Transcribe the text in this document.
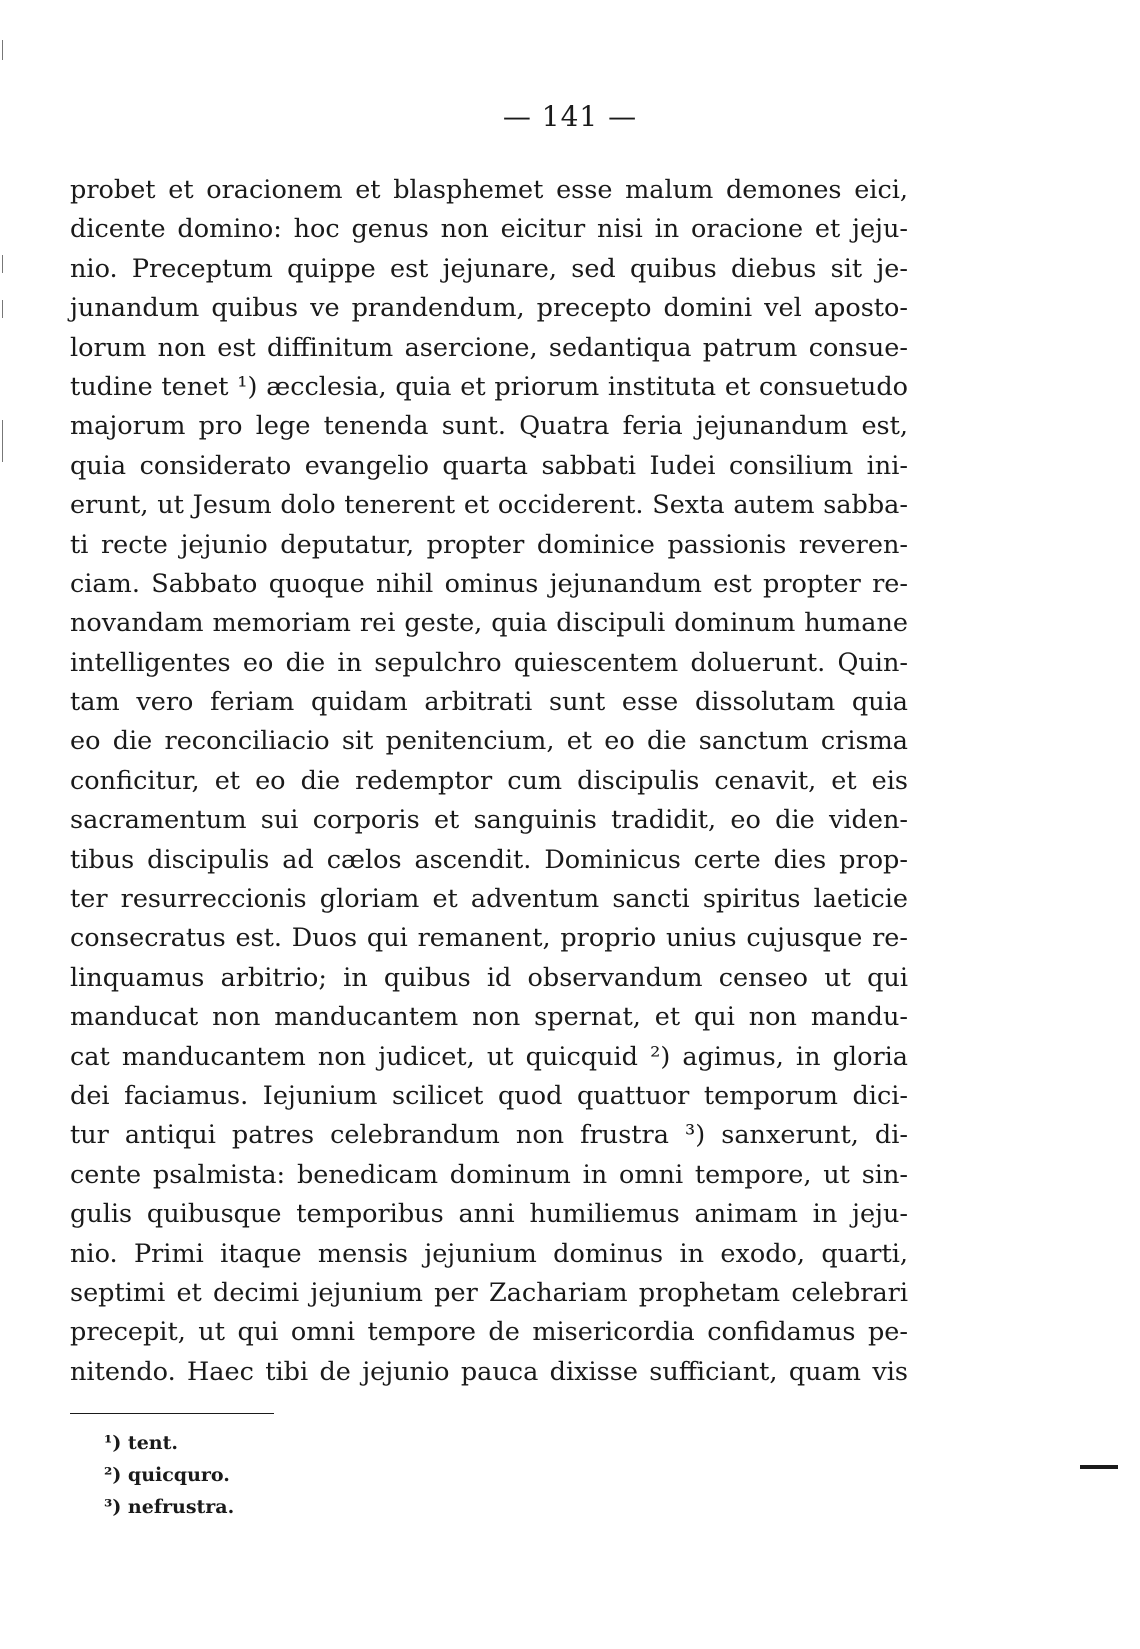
— 141 —
probet et oracionem et blasphemet esse malum demones eici,
dicente domino: hoc genus non eicitur nisi in oracione et jeju-
nio. Preceptum quippe est jejunare, sed quibus diebus sit je-
junandum quibus ve prandendum, precepto domini vel aposto-
lorum non est diffinitum asercione, sedantiqua patrum consue-
tudine tenet ¹) æcclesia, quia et priorum instituta et consuetudo
majorum pro lege tenenda sunt. Quatra feria jejunandum est,
quia considerato evangelio quarta sabbati Iudei consilium ini-
erunt, ut Jesum dolo tenerent et occiderent. Sexta autem sabba-
ti recte jejunio deputatur, propter dominice passionis reveren-
ciam. Sabbato quoque nihil ominus jejunandum est propter re-
novandam memoriam rei geste, quia discipuli dominum humane
intelligentes eo die in sepulchro quiescentem doluerunt. Quin-
tam vero feriam quidam arbitrati sunt esse dissolutam quia
eo die reconciliacio sit penitencium, et eo die sanctum crisma
conficitur, et eo die redemptor cum discipulis cenavit, et eis
sacramentum sui corporis et sanguinis tradidit, eo die viden-
tibus discipulis ad cælos ascendit. Dominicus certe dies prop-
ter resurreccionis gloriam et adventum sancti spiritus laeticie
consecratus est. Duos qui remanent, proprio unius cujusque re-
linquamus arbitrio; in quibus id observandum censeo ut qui
manducat non manducantem non spernat, et qui non mandu-
cat manducantem non judicet, ut quicquid ²) agimus, in gloria
dei faciamus. Iejunium scilicet quod quattuor temporum dici-
tur antiqui patres celebrandum non frustra ³) sanxerunt, di-
cente psalmista: benedicam dominum in omni tempore, ut sin-
gulis quibusque temporibus anni humiliemus animam in jeju-
nio. Primi itaque mensis jejunium dominus in exodo, quarti,
septimi et decimi jejunium per Zachariam prophetam celebrari
precepit, ut qui omni tempore de misericordia confidamus pe-
nitendo. Haec tibi de jejunio pauca dixisse sufficiant, quam vis
¹) tent.
²) quicquro.
³) nefrustra.
